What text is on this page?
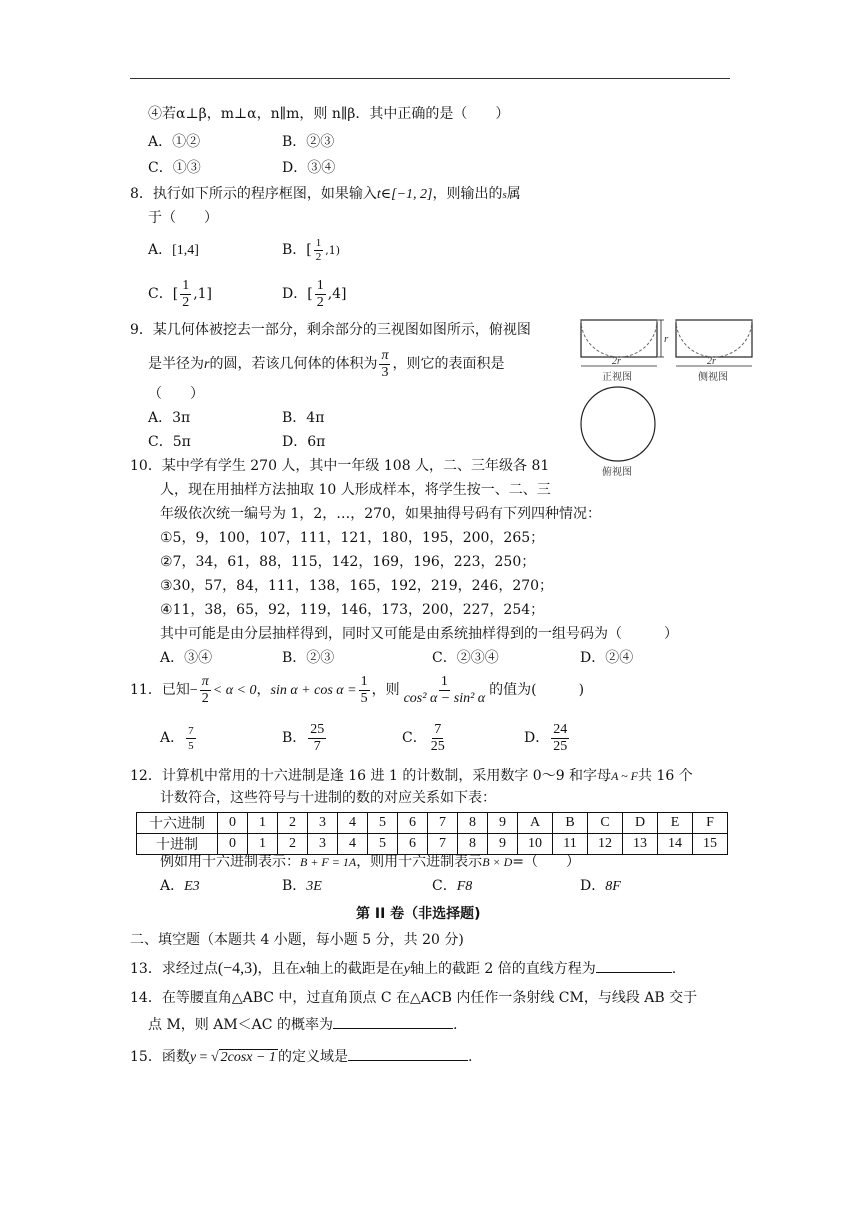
④若α⊥β，m⊥α，n∥m，则 n∥β．其中正确的是（　　）
A．①②	B．②③
C．①③	D．③④
8．执行如下所示的程序框图，如果输入t∈[−1, 2]，则输出的s属
于（　　）
A．[1,4]	B．[ $\frac{1}{2} ,1$)
C．[ $\frac{1}{2} ,1$]	D．[ $\frac{1}{2} ,4$]
9．某几何体被挖去一部分，剩余部分的三视图如图所示，俯视图
是半径为r的圆，若该几何体的体积为 $\frac{\pi}{3}$ ，则它的表面积是
（　　）
A．3π	B．4π
C．5π	D．6π
r
2r
正视图
2r
侧视图
俯视图
10．某中学有学生 270 人，其中一年级 108 人，二、三年级各 81
人，现在用抽样方法抽取 10 人形成样本，将学生按一、二、三
年级依次统一编号为 1，2，…，270，如果抽得号码有下列四种情况：
①5，9，100，107，111，121，180，195，200，265；
②7，34，61，88，115，142，169，196，223，250；
③30，57，84，111，138，165，192，219，246，270；
④11，38，65，92，119，146，173，200，227，254；
其中可能是由分层抽样得到，同时又可能是由系统抽样得到的一组号码为（　　　）
A．③④	B．②③	C．②③④	D．②④
11．已知− $\frac{\pi}{2} < \alpha < 0$，$\sin \alpha + \cos \alpha = \frac{1}{5}$ ，则 $\frac{1}{\text{cos² α − sin² α}}$ 的值为(　　　)
A． $\frac{7}{5}$	B． $\frac{25}{7}$	C． $\frac{7}{25}$	D． $\frac{24}{25}$
12．计算机中常用的十六进制是逢 16 进 1 的计数制，采用数字 0～9 和字母A ~ F共 16 个
计数符合，这些符号与十进制的数的对应关系如下表：
十六进制	0	1	2	3	4	5	6	7	8	9	A	B	C	D	E	F
十进制	0	1	2	3	4	5	6	7	8	9	10	11	12	13	14	15
例如用十六进制表示：B + F = 1A，则用十六进制表示B × D=（　　）
A．E3	B．3E	C．F8	D．8F
第 II 卷（非选择题)
二、填空题（本题共 4 小题，每小题 5 分，共 20 分)
13．求经过点(−4,3)，且在x轴上的截距是在y轴上的截距 2 倍的直线方程为	.
14．在等腰直角△ABC 中，过直角顶点 C 在△ACB 内任作一条射线 CM，与线段 AB 交于
点 M，则 AM＜AC 的概率为	.
15．函数y = √ 2cosx − 1 的定义域是	.
